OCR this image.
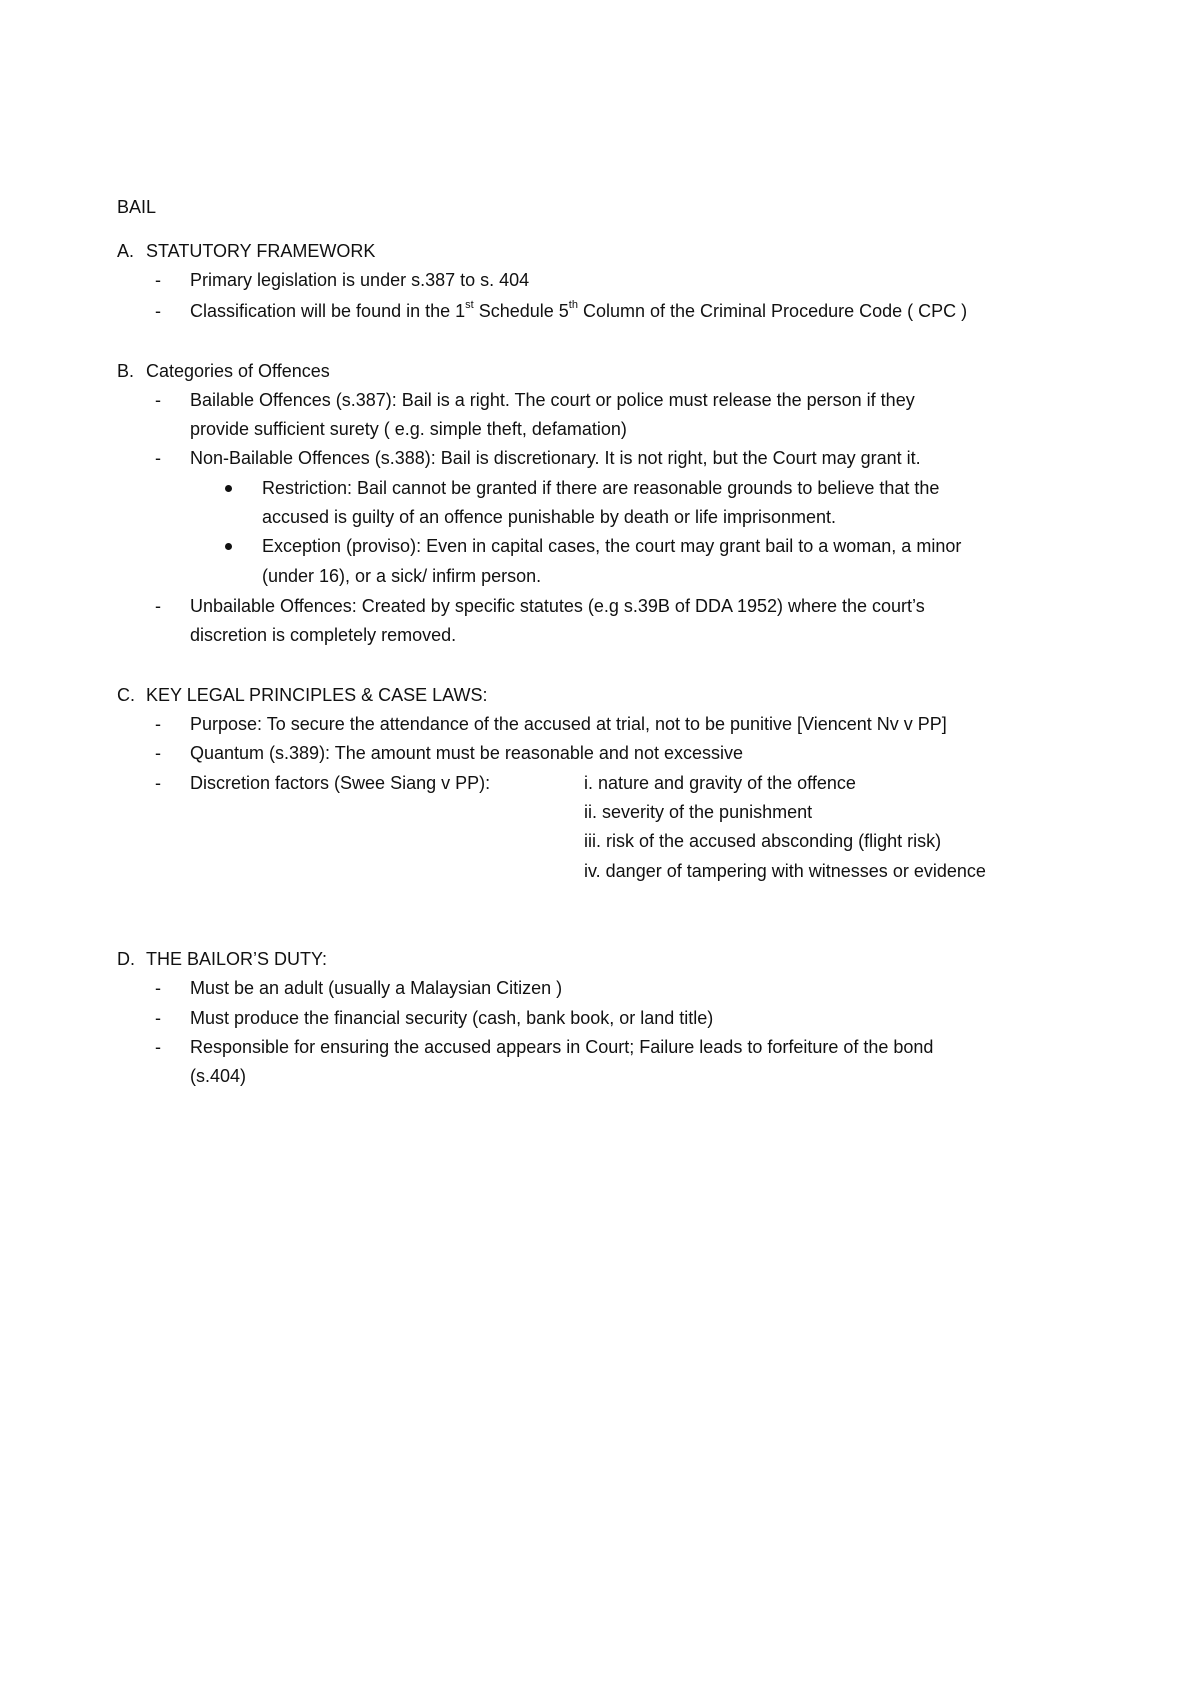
BAIL
A. STATUTORY FRAMEWORK
- Primary legislation is under s.387 to s. 404
- Classification will be found in the 1st Schedule 5th Column of the Criminal Procedure Code ( CPC )
B. Categories of Offences
- Bailable Offences (s.387): Bail is a right. The court or police must release the person if they
provide sufficient surety ( e.g. simple theft, defamation)
- Non-Bailable Offences (s.388): Bail is discretionary. It is not right, but the Court may grant it.
Restriction: Bail cannot be granted if there are reasonable grounds to believe that the
accused is guilty of an offence punishable by death or life imprisonment.
Exception (proviso): Even in capital cases, the court may grant bail to a woman, a minor
(under 16), or a sick/ infirm person.
- Unbailable Offences: Created by specific statutes (e.g s.39B of DDA 1952) where the court’s
discretion is completely removed.
C. KEY LEGAL PRINCIPLES & CASE LAWS:
- Purpose: To secure the attendance of the accused at trial, not to be punitive [Viencent Nv v PP]
- Quantum (s.389): The amount must be reasonable and not excessive
- Discretion factors (Swee Siang v PP):	i. nature and gravity of the offence
ii. severity of the punishment
iii. risk of the accused absconding (flight risk)
iv. danger of tampering with witnesses or evidence
D. THE BAILOR’S DUTY:
- Must be an adult (usually a Malaysian Citizen )
- Must produce the financial security (cash, bank book, or land title)
- Responsible for ensuring the accused appears in Court; Failure leads to forfeiture of the bond
(s.404)
